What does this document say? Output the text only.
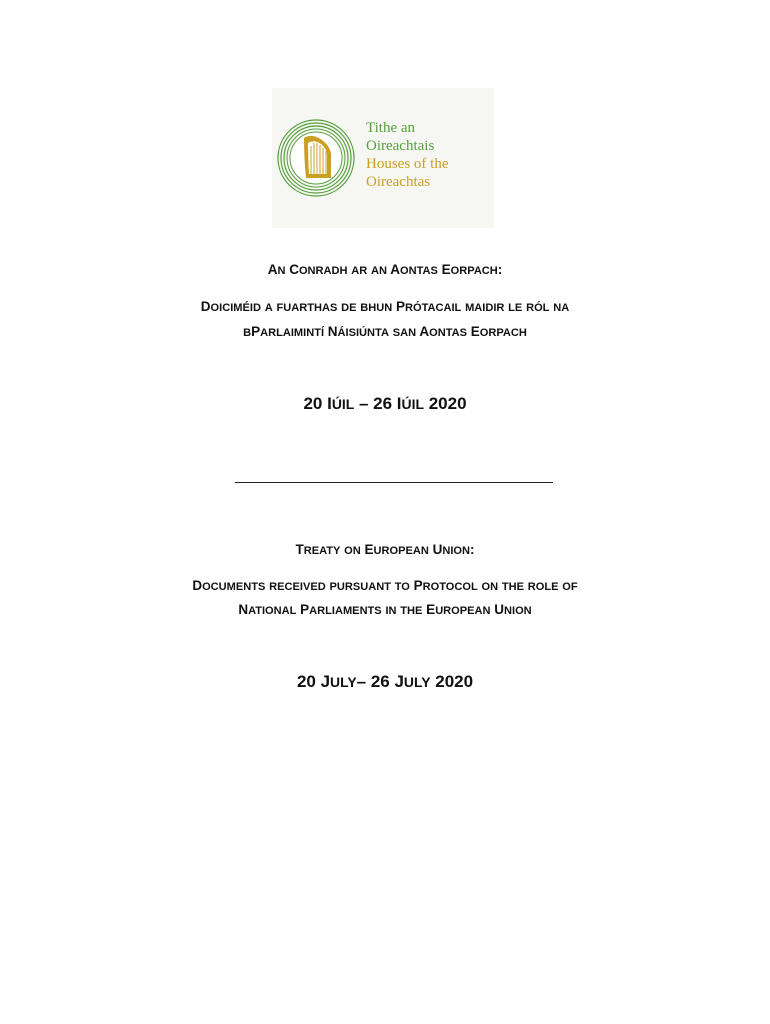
Tithe an
Oireachtais
Houses of the
Oireachtas
AN CONRADH AR AN AONTAS EORPACH:
DOICIMÉID A FUARTHAS DE BHUN PRÓTACAIL MAIDIR LE RÓL NA
BPARLAIMINTÍ NÁISIÚNTA SAN AONTAS EORPACH
20 IÚIL – 26 IÚIL 2020
TREATY ON EUROPEAN UNION:
DOCUMENTS RECEIVED PURSUANT TO PROTOCOL ON THE ROLE OF
NATIONAL PARLIAMENTS IN THE EUROPEAN UNION
20 JULY– 26 JULY 2020
